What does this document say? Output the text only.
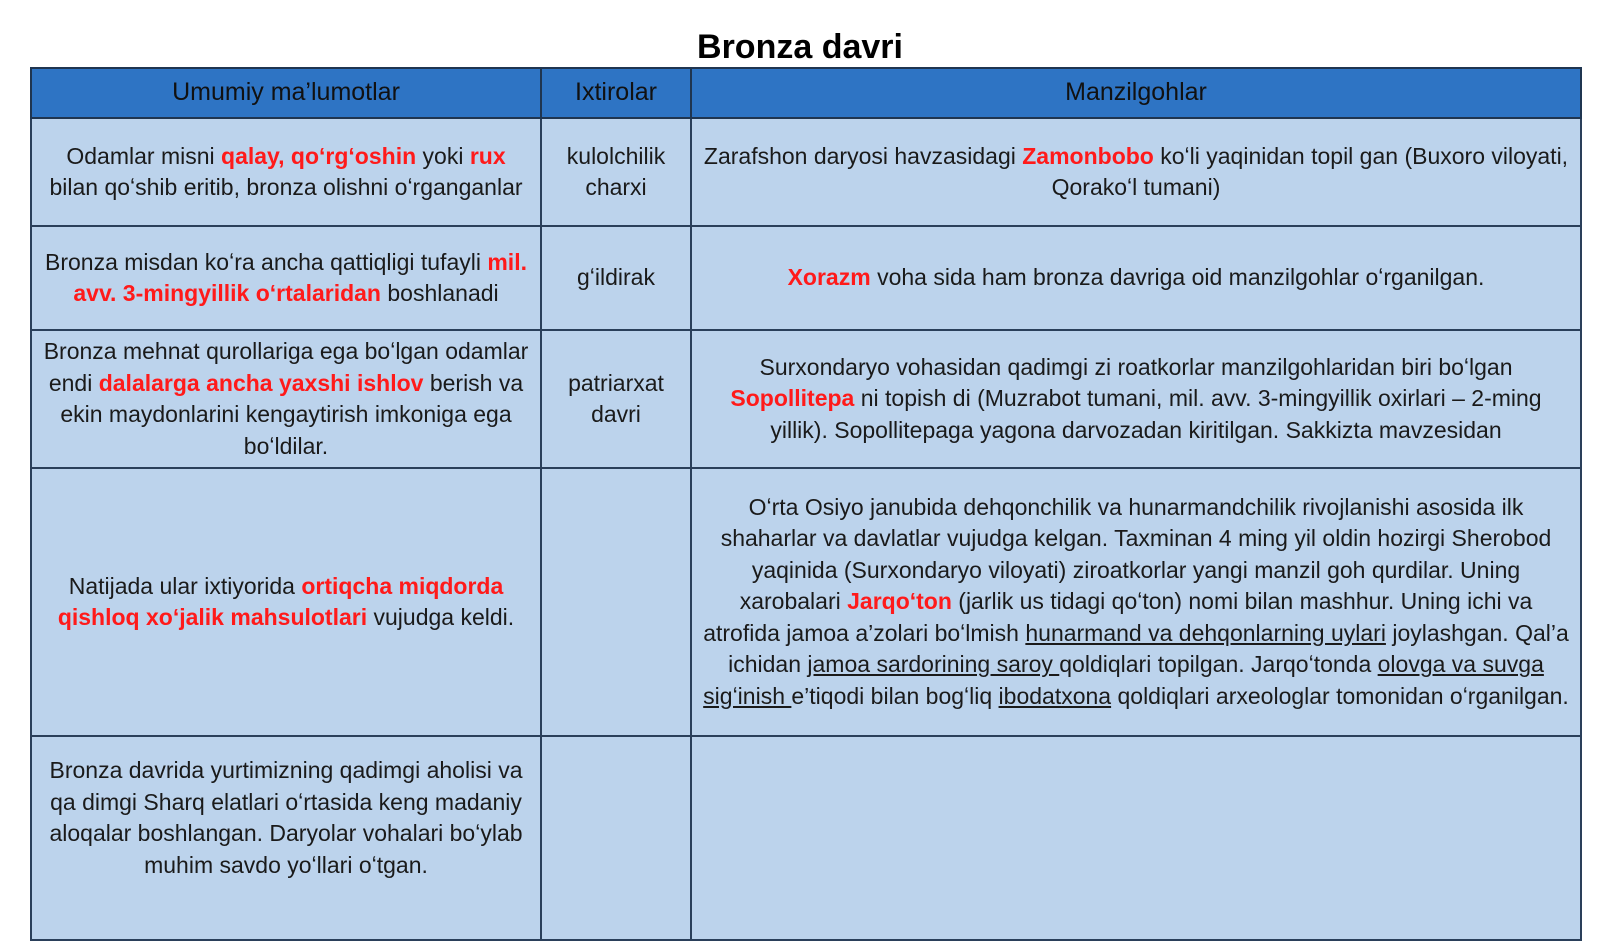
Bronza davri
Umumiy ma’lumotlar	Ixtirolar	Manzilgohlar
Odamlar misni qalay, qoʻrgʻoshin yoki rux bilan qoʻshib eritib, bronza olishni oʻrganganlar	kulolchilik charxi	Zarafshon daryosi havzasidagi Zamonbobo koʻli yaqinidan topil gan (Buxoro viloyati, Qorakoʻl tumani)
Bronza misdan koʻra ancha qattiqligi tufayli mil. avv. 3-mingyillik oʻrtalaridan boshlanadi	gʻildirak	Xorazm voha sida ham bronza davriga oid manzilgohlar oʻrganilgan.
Bronza mehnat qurollariga ega boʻlgan odamlar endi dalalarga ancha yaxshi ishlov berish va ekin maydonlarini kengaytirish imkoniga ega boʻldilar.	patriarxat davri	Surxondaryo vohasidan qadimgi zi roatkorlar manzilgohlaridan biri boʻlgan Sopollitepa ni topish di (Muzrabot tumani, mil. avv. 3-mingyillik oxirlari – 2-ming yillik). Sopollitepaga yagona darvozadan kiritilgan. Sakkizta mavzesidan

Natijada ular ixtiyorida ortiqcha miqdorda qishloq xoʻjalik mahsulotlari vujudga keldi.		Oʻrta Osiyo janubida dehqonchilik va hunarmandchilik rivojlanishi asosida ilk shaharlar va davlatlar vujudga kelgan. Taxminan 4 ming yil oldin hozirgi Sherobod yaqinida (Surxondaryo viloyati) ziroatkorlar yangi manzil goh qurdilar. Uning xarobalari Jarqoʻton (jarlik us tidagi qoʻton) nomi bilan mashhur. Uning ichi va atrofida jamoa a’zolari boʻlmish hunarmand va dehqonlarning uylari joylashgan. Qal’a ichidan jamoa sardorining saroy qoldiqlari topilgan. Jarqoʻtonda olovga va suvga sigʻinish e’tiqodi bilan bogʻliq ibodatxona qoldiqlari arxeologlar tomonidan oʻrganilgan.
Bronza davrida yurtimizning qadimgi aholisi va qa dimgi Sharq elatlari oʻrtasida keng madaniy aloqalar boshlangan. Daryolar vohalari boʻylab muhim savdo yoʻllari oʻtgan.		
